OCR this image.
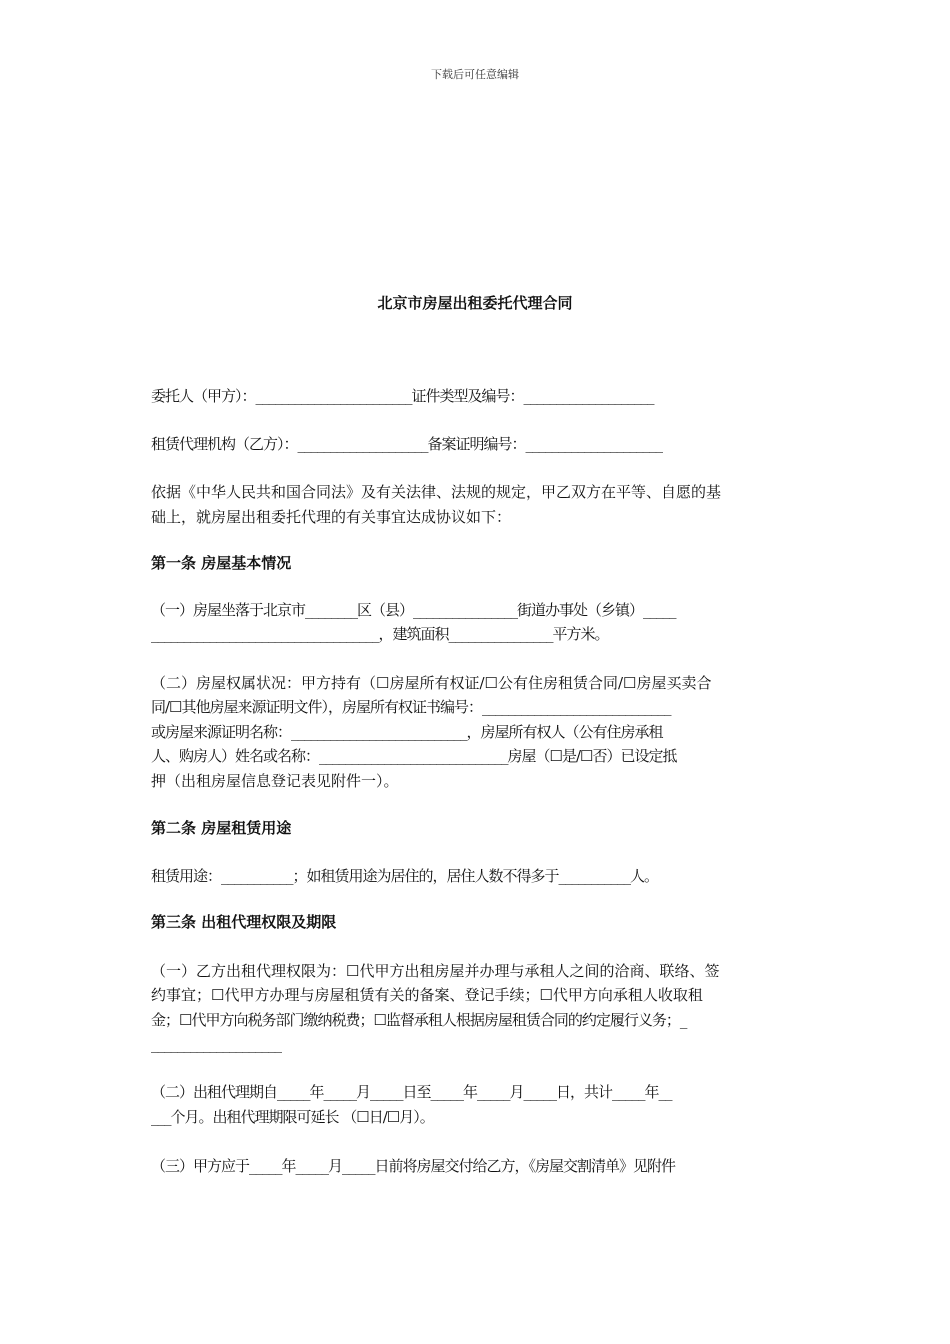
下载后可任意编辑
北京市房屋出租委托代理合同
委托人（甲方）：________________________证件类型及编号：____________________
租赁代理机构（乙方）：____________________备案证明编号：_____________________
依据《中华人民共和国合同法》及有关法律、法规的规定，甲乙双方在平等、自愿的基
础上，就房屋出租委托代理的有关事宜达成协议如下：
第一条 房屋基本情况
（一）房屋坐落于北京市________区（县）________________街道办事处（乡镇）_____
___________________________________，建筑面积________________平方米。
（二）房屋权属状况：甲方持有（☐房屋所有权证/☐公有住房租赁合同/☐房屋买卖合
同/☐其他房屋来源证明文件），房屋所有权证书编号：_____________________________
或房屋来源证明名称：___________________________，房屋所有权人（公有住房承租
人、购房人）姓名或名称：_____________________________房屋（☐是/☐否）已设定抵
押（出租房屋信息登记表见附件一）。
第二条 房屋租赁用途
租赁用途：___________；如租赁用途为居住的，居住人数不得多于___________人。
第三条 出租代理权限及期限
（一）乙方出租代理权限为：☐代甲方出租房屋并办理与承租人之间的洽商、联络、签
约事宜；☐代甲方办理与房屋租赁有关的备案、登记手续；☐代甲方向承租人收取租
金；☐代甲方向税务部门缴纳税费；☐监督承租人根据房屋租赁合同的约定履行义务；_
____________________
（二）出租代理期自_____年_____月_____日至_____年_____月_____日，共计_____年__
___个月。出租代理期限可延长 （☐日/☐月）。
（三）甲方应于_____年_____月_____日前将房屋交付给乙方，《房屋交割清单》见附件
